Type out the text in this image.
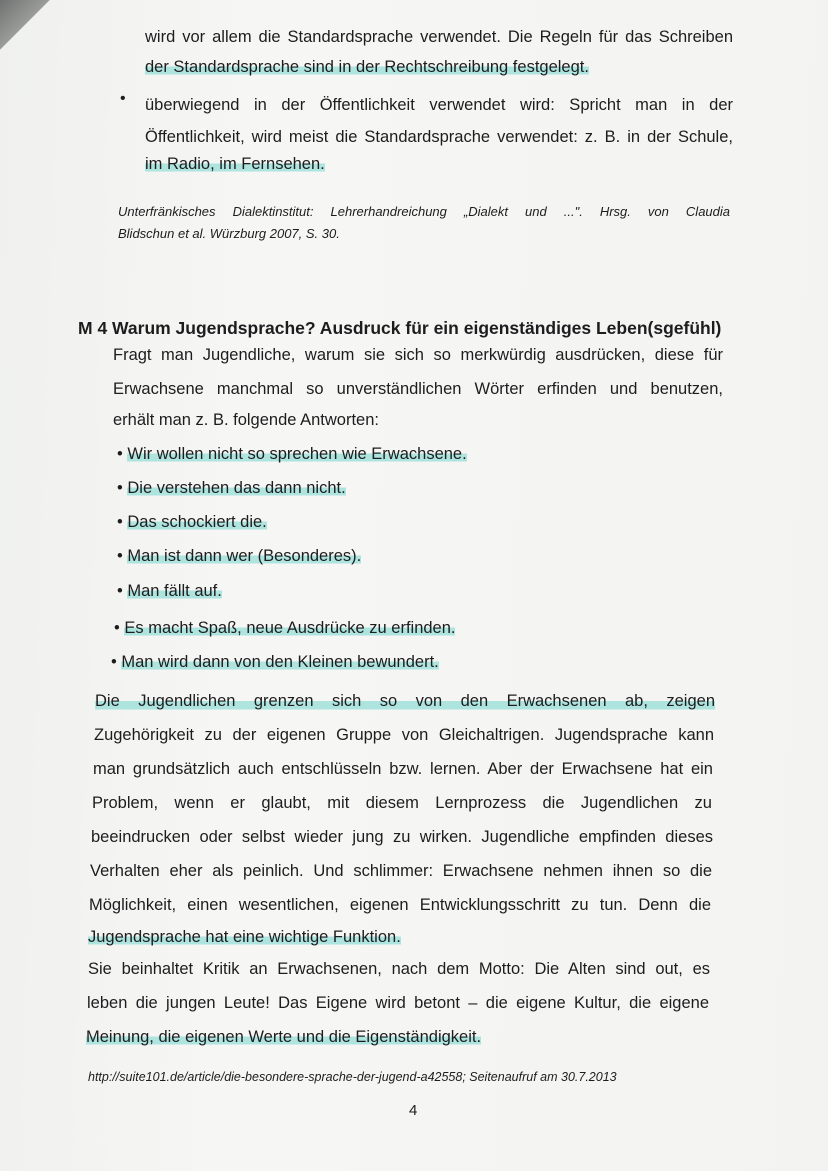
wird vor allem die Standardsprache verwendet. Die Regeln für das Schreiben
der Standardsprache sind in der Rechtschreibung festgelegt.
• überwiegend in der Öffentlichkeit verwendet wird: Spricht man in der
Öffentlichkeit, wird meist die Standardsprache verwendet: z. B. in der Schule,
im Radio, im Fernsehen.
Unterfränkisches Dialektinstitut: Lehrerhandreichung „Dialekt und ...". Hrsg. von Claudia
Blidschun et al. Würzburg 2007, S. 30.
M 4 Warum Jugendsprache? Ausdruck für ein eigenständiges Leben(sgefühl)
Fragt man Jugendliche, warum sie sich so merkwürdig ausdrücken, diese für
Erwachsene manchmal so unverständlichen Wörter erfinden und benutzen,
erhält man z. B. folgende Antworten:
• Wir wollen nicht so sprechen wie Erwachsene.
• Die verstehen das dann nicht.
• Das schockiert die.
• Man ist dann wer (Besonderes).
• Man fällt auf.
• Es macht Spaß, neue Ausdrücke zu erfinden.
• Man wird dann von den Kleinen bewundert.
Die Jugendlichen grenzen sich so von den Erwachsenen ab, zeigen
Zugehörigkeit zu der eigenen Gruppe von Gleichaltrigen. Jugendsprache kann
man grundsätzlich auch entschlüsseln bzw. lernen. Aber der Erwachsene hat ein
Problem, wenn er glaubt, mit diesem Lernprozess die Jugendlichen zu
beeindrucken oder selbst wieder jung zu wirken. Jugendliche empfinden dieses
Verhalten eher als peinlich. Und schlimmer: Erwachsene nehmen ihnen so die
Möglichkeit, einen wesentlichen, eigenen Entwicklungsschritt zu tun. Denn die
Jugendsprache hat eine wichtige Funktion.
Sie beinhaltet Kritik an Erwachsenen, nach dem Motto: Die Alten sind out, es
leben die jungen Leute! Das Eigene wird betont – die eigene Kultur, die eigene
Meinung, die eigenen Werte und die Eigenständigkeit.
http://suite101.de/article/die-besondere-sprache-der-jugend-a42558; Seitenaufruf am 30.7.2013
4
